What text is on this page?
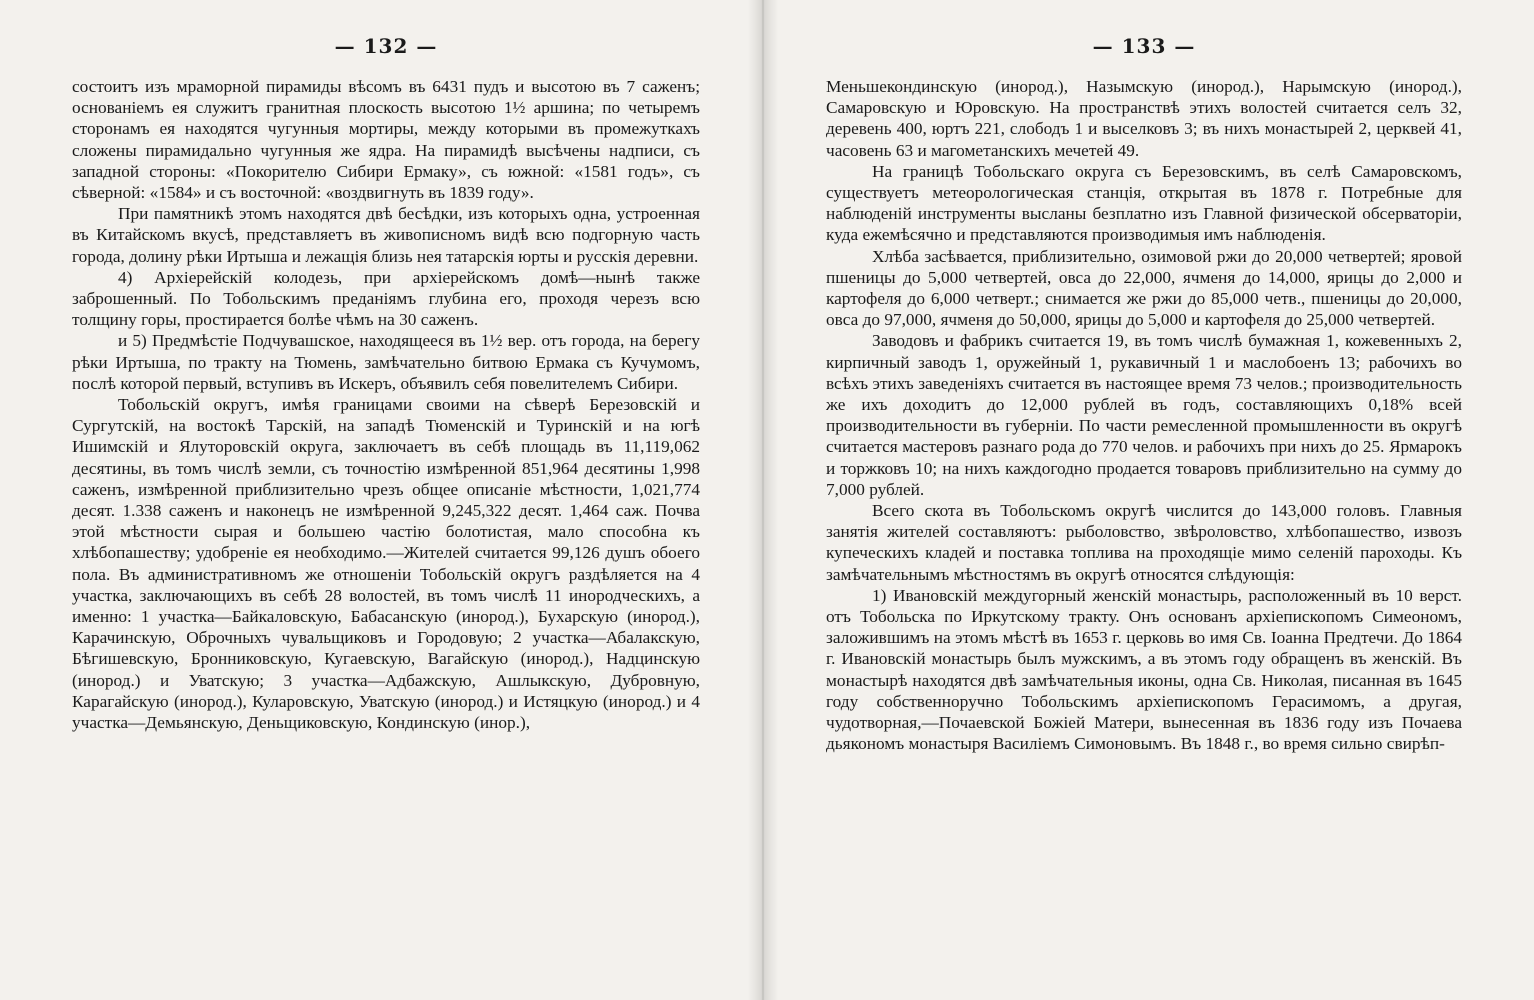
— 132 —

состоитъ изъ мраморной пирамиды вѣсомъ въ 6431 пудъ и высотою въ 7 саженъ; основаніемъ ея служитъ гранитная плоскость высотою 1½ аршина; по четыремъ сторонамъ ея находятся чугунныя мортиры, между которыми въ промежуткахъ сложены пирамидально чугунныя же ядра. На пирамидѣ высѣчены надписи, съ западной стороны: «Покорителю Сибири Ермаку», съ южной: «1581 годъ», съ сѣверной: «1584» и съ восточной: «воздвигнуть въ 1839 году».

При памятникѣ этомъ находятся двѣ бесѣдки, изъ которыхъ одна, устроенная въ Китайскомъ вкусѣ, представляетъ въ живописномъ видѣ всю подгорную часть города, долину рѣки Иртыша и лежащія близь нея татарскія юрты и русскія деревни.

4) Архіерейскій колодезь, при архіерейскомъ домѣ—нынѣ также заброшенный. По Тобольскимъ преданіямъ глубина его, проходя черезъ всю толщину горы, простирается болѣе чѣмъ на 30 саженъ.

и 5) Предмѣстіе Подчувашское, находящееся въ 1½ вер. отъ города, на берегу рѣки Иртыша, по тракту на Тюмень, замѣчательно битвою Ермака съ Кучумомъ, послѣ которой первый, вступивъ въ Искеръ, объявилъ себя повелителемъ Сибири.

Тобольскій округъ, имѣя границами своими на сѣверѣ Березовскій и Сургутскій, на востокѣ Тарскій, на западѣ Тюменскій и Туринскій и на югѣ Ишимскій и Ялуторовскій округа, заключаетъ въ себѣ площадь въ 11,119,062 десятины, въ томъ числѣ земли, съ точностію измѣренной 851,964 десятины 1,998 саженъ, измѣренной приблизительно чрезъ общее описаніе мѣстности, 1,021,774 десят. 1.338 саженъ и наконецъ не измѣренной 9,245,322 десят. 1,464 саж. Почва этой мѣстности сырая и большею частію болотистая, мало способна къ хлѣбопашеству; удобреніе ея необходимо.—Жителей считается 99,126 душъ обоего пола. Въ административномъ же отношеніи Тобольскій округъ раздѣляется на 4 участка, заключающихъ въ себѣ 28 волостей, въ томъ числѣ 11 инородческихъ, а именно: 1 участка—Байкаловскую, Бабасанскую (инород.), Бухарскую (инород.), Карачинскую, Оброчныхъ чувальщиковъ и Городовую; 2 участка—Абалакскую, Бѣгишевскую, Бронниковскую, Кугаевскую, Вагайскую (инород.), Надцинскую (инород.) и Уватскую; 3 участка—Адбажскую, Ашлыкскую, Дубровную, Карагайскую (инород.), Куларовскую, Уватскую (инород.) и Истяцкую (инород.) и 4 участка—Демьянскую, Деньщиковскую, Кондинскую (инор.),

— 133 —

Меньшекондинскую (инород.), Назымскую (инород.), Нарымскую (инород.), Самаровскую и Юровскую. На пространствѣ этихъ волостей считается селъ 32, деревень 400, юртъ 221, слободъ 1 и выселковъ 3; въ нихъ монастырей 2, церквей 41, часовень 63 и магометанскихъ мечетей 49.

На границѣ Тобольскаго округа съ Березовскимъ, въ селѣ Самаровскомъ, существуетъ метеорологическая станція, открытая въ 1878 г. Потребные для наблюденій инструменты высланы безплатно изъ Главной физической обсерваторіи, куда ежемѣсячно и представляются производимыя имъ наблюденія.

Хлѣба засѣвается, приблизительно, озимовой ржи до 20,000 четвертей; яровой пшеницы до 5,000 четвертей, овса до 22,000, ячменя до 14,000, ярицы до 2,000 и картофеля до 6,000 четверт.; снимается же ржи до 85,000 четв., пшеницы до 20,000, овса до 97,000, ячменя до 50,000, ярицы до 5,000 и картофеля до 25,000 четвертей.

Заводовъ и фабрикъ считается 19, въ томъ числѣ бумажная 1, кожевенныхъ 2, кирпичный заводъ 1, оружейный 1, рукавичный 1 и маслобоенъ 13; рабочихъ во всѣхъ этихъ заведеніяхъ считается въ настоящее время 73 челов.; производительность же ихъ доходитъ до 12,000 рублей въ годъ, составляющихъ 0,18% всей производительности въ губерніи. По части ремесленной промышленности въ округѣ считается мастеровъ разнаго рода до 770 челов. и рабочихъ при нихъ до 25. Ярмарокъ и торжковъ 10; на нихъ каждогодно продается товаровъ приблизительно на сумму до 7,000 рублей.

Всего скота въ Тобольскомъ округѣ числится до 143,000 головъ. Главныя занятія жителей составляютъ: рыболовство, звѣроловство, хлѣбопашество, извозъ купеческихъ кладей и поставка топлива на проходящіе мимо селеній пароходы. Къ замѣчательнымъ мѣстностямъ въ округѣ относятся слѣдующія:

1) Ивановскій междугорный женскій монастырь, расположенный въ 10 верст. отъ Тобольска по Иркутскому тракту. Онъ основанъ архіепископомъ Симеономъ, заложившимъ на этомъ мѣстѣ въ 1653 г. церковь во имя Св. Іоанна Предтечи. До 1864 г. Ивановскій монастырь былъ мужскимъ, а въ этомъ году обращенъ въ женскій. Въ монастырѣ находятся двѣ замѣчательныя иконы, одна Св. Николая, писанная въ 1645 году собственноручно Тобольскимъ архіепископомъ Герасимомъ, а другая, чудотворная,—Почаевской Божіей Матери, вынесенная въ 1836 году изъ Почаева дьякономъ монастыря Василіемъ Симоновымъ. Въ 1848 г., во время сильно свирѣп-
